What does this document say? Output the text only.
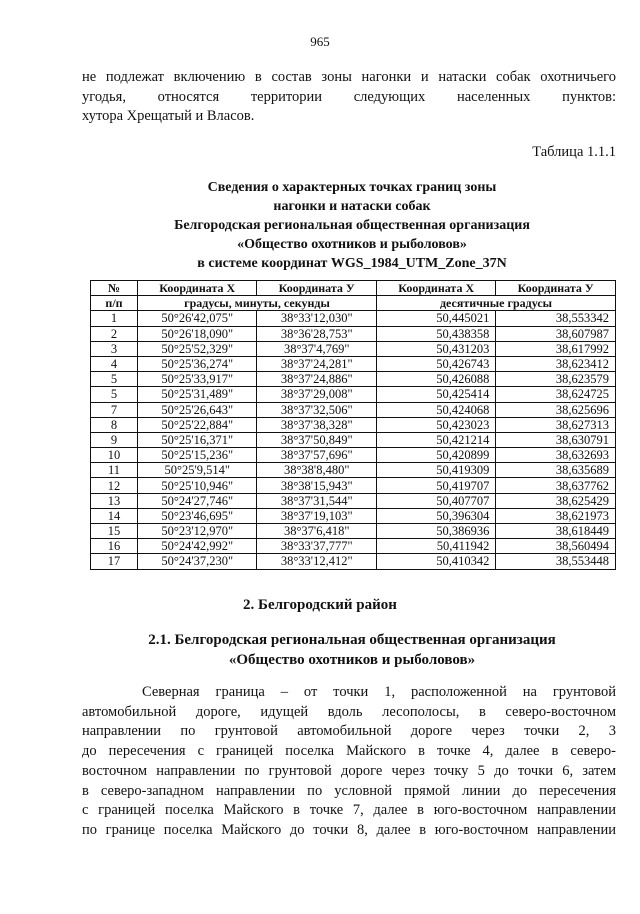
965
не подлежат включению в состав зоны нагонки и натаски собак охотничьего
угодья, относятся территории следующих населенных пунктов:
хутора Хрещатый и Власов.
Таблица 1.1.1
Сведения о характерных точках границ зоны
нагонки и натаски собак
Белгородская региональная общественная организация
«Общество охотников и рыболовов»
в системе координат WGS_1984_UTM_Zone_37N
№	Координата X	Координата У	Координата X	Координата У
п/п	градусы, минуты, секунды		десятичные градусы	
1	50°26'42,075"	38°33'12,030"	50,445021	38,553342
2	50°26'18,090"	38°36'28,753"	50,438358	38,607987
3	50°25'52,329"	38°37'4,769"	50,431203	38,617992
4	50°25'36,274"	38°37'24,281"	50,426743	38,623412
5	50°25'33,917"	38°37'24,886"	50,426088	38,623579
5	50°25'31,489"	38°37'29,008"	50,425414	38,624725
7	50°25'26,643"	38°37'32,506"	50,424068	38,625696
8	50°25'22,884"	38°37'38,328"	50,423023	38,627313
9	50°25'16,371"	38°37'50,849"	50,421214	38,630791
10	50°25'15,236"	38°37'57,696"	50,420899	38,632693
11	50°25'9,514"	38°38'8,480"	50,419309	38,635689
12	50°25'10,946"	38°38'15,943"	50,419707	38,637762
13	50°24'27,746"	38°37'31,544"	50,407707	38,625429
14	50°23'46,695"	38°37'19,103"	50,396304	38,621973
15	50°23'12,970"	38°37'6,418"	50,386936	38,618449
16	50°24'42,992"	38°33'37,777"	50,411942	38,560494
17	50°24'37,230"	38°33'12,412"	50,410342	38,553448
2. Белгородский район
2.1. Белгородская региональная общественная организация
«Общество охотников и рыболовов»
Северная граница – от точки 1, расположенной на грунтовой
автомобильной дороге, идущей вдоль лесополосы, в северо-восточном
направлении по грунтовой автомобильной дороге через точки 2, 3
до пересечения с границей поселка Майского в точке 4, далее в северо-
восточном направлении по грунтовой дороге через точку 5 до точки 6, затем
в северо-западном направлении по условной прямой линии до пересечения
с границей поселка Майского в точке 7, далее в юго-восточном направлении
по границе поселка Майского до точки 8, далее в юго-восточном направлении
